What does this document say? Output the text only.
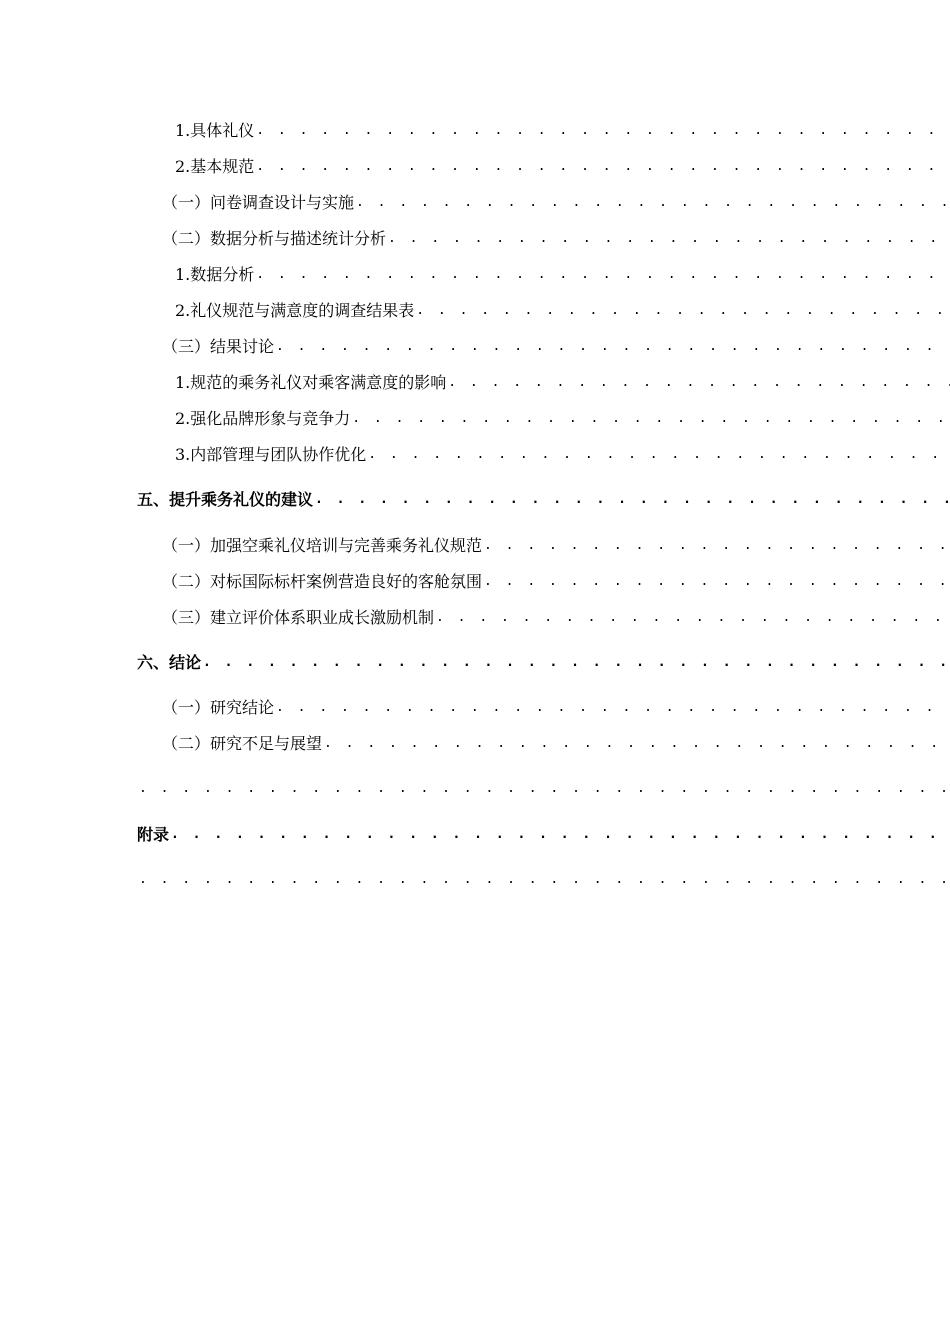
1.具体礼仪
. . .
2.基本规范
. . .
（一）问卷调查设计与实施
. . .
（二）数据分析与描述统计分析
. . .
1.数据分析
. . .
2.礼仪规范与满意度的调查结果表
. . .
（三）结果讨论
. . .
1.规范的乘务礼仪对乘客满意度的影响
. . .
2.强化品牌形象与竞争力
. . .
3.内部管理与团队协作优化
. . .
五、提升乘务礼仪的建议
. . .
（一）加强空乘礼仪培训与完善乘务礼仪规范
. . .
（二）对标国际标杆案例营造良好的客舱氛围
. . .
（三）建立评价体系职业成长激励机制
. . .
六、结论
. . .
（一）研究结论
. . .
（二）研究不足与展望
. . .
. . .
附录
. . .
. . .
